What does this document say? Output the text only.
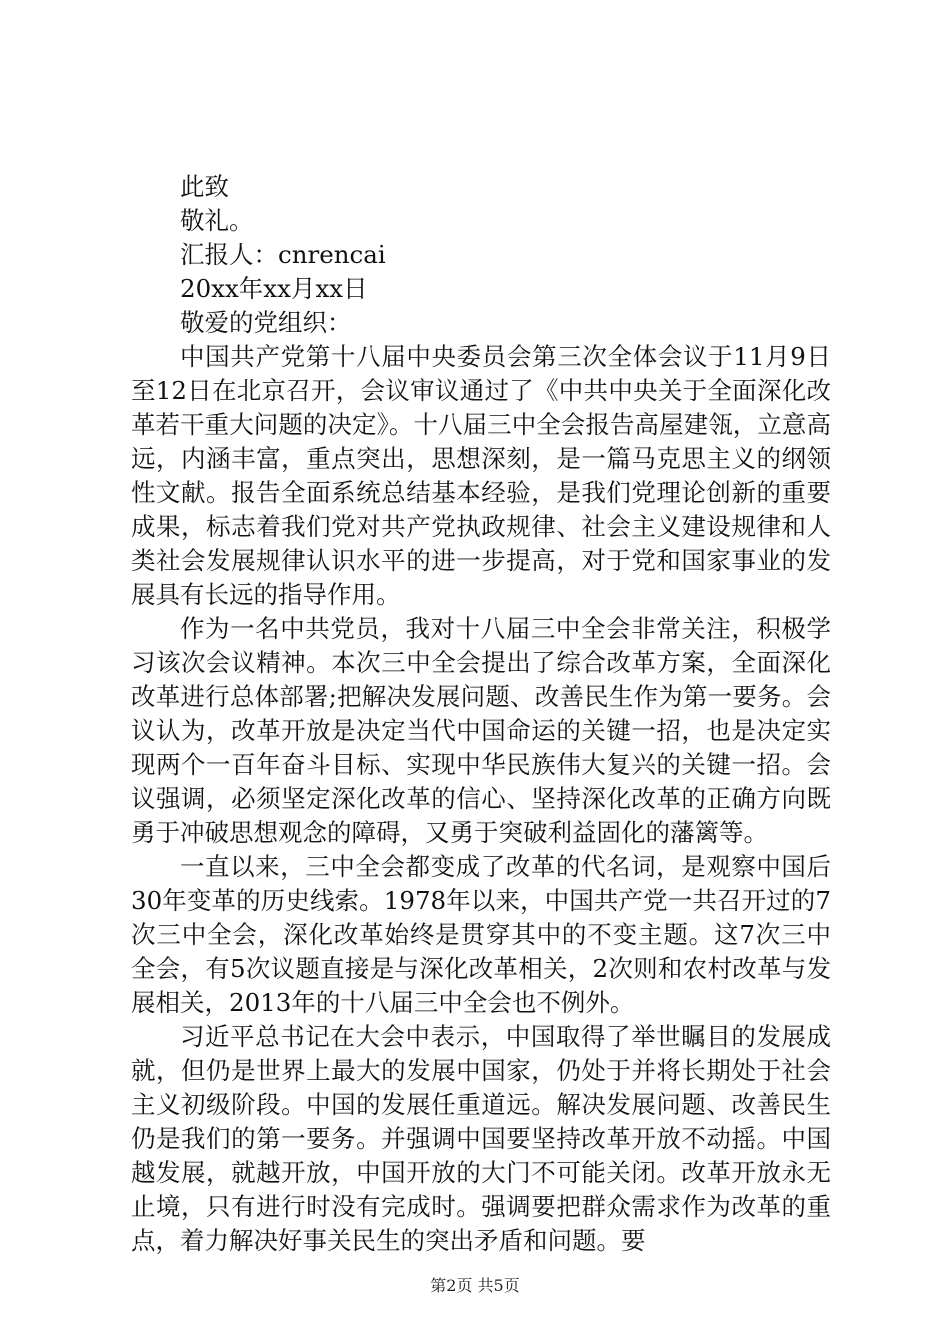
此致

敬礼。

汇报人：cnrencai

20xx年xx月xx日

敬爱的党组织：

中国共产党第十八届中央委员会第三次全体会议于11月9日至12日在北京召开，会议审议通过了《中共中央关于全面深化改革若干重大问题的决定》。十八届三中全会报告高屋建瓴，立意高远，内涵丰富，重点突出，思想深刻，是一篇马克思主义的纲领性文献。报告全面系统总结基本经验，是我们党理论创新的重要成果，标志着我们党对共产党执政规律、社会主义建设规律和人类社会发展规律认识水平的进一步提高，对于党和国家事业的发展具有长远的指导作用。

作为一名中共党员，我对十八届三中全会非常关注，积极学习该次会议精神。本次三中全会提出了综合改革方案，全面深化改革进行总体部署;把解决发展问题、改善民生作为第一要务。会议认为，改革开放是决定当代中国命运的关键一招，也是决定实现两个一百年奋斗目标、实现中华民族伟大复兴的关键一招。会议强调，必须坚定深化改革的信心、坚持深化改革的正确方向既勇于冲破思想观念的障碍，又勇于突破利益固化的藩篱等。

一直以来，三中全会都变成了改革的代名词，是观察中国后30年变革的历史线索。1978年以来，中国共产党一共召开过的7次三中全会，深化改革始终是贯穿其中的不变主题。这7次三中全会，有5次议题直接是与深化改革相关，2次则和农村改革与发展相关，2013年的十八届三中全会也不例外。

习近平总书记在大会中表示，中国取得了举世瞩目的发展成就，但仍是世界上最大的发展中国家，仍处于并将长期处于社会主义初级阶段。中国的发展任重道远。解决发展问题、改善民生仍是我们的第一要务。并强调中国要坚持改革开放不动摇。中国越发展，就越开放，中国开放的大门不可能关闭。改革开放永无止境，只有进行时没有完成时。强调要把群众需求作为改革的重点，着力解决好事关民生的突出矛盾和问题。要

第2页 共5页
